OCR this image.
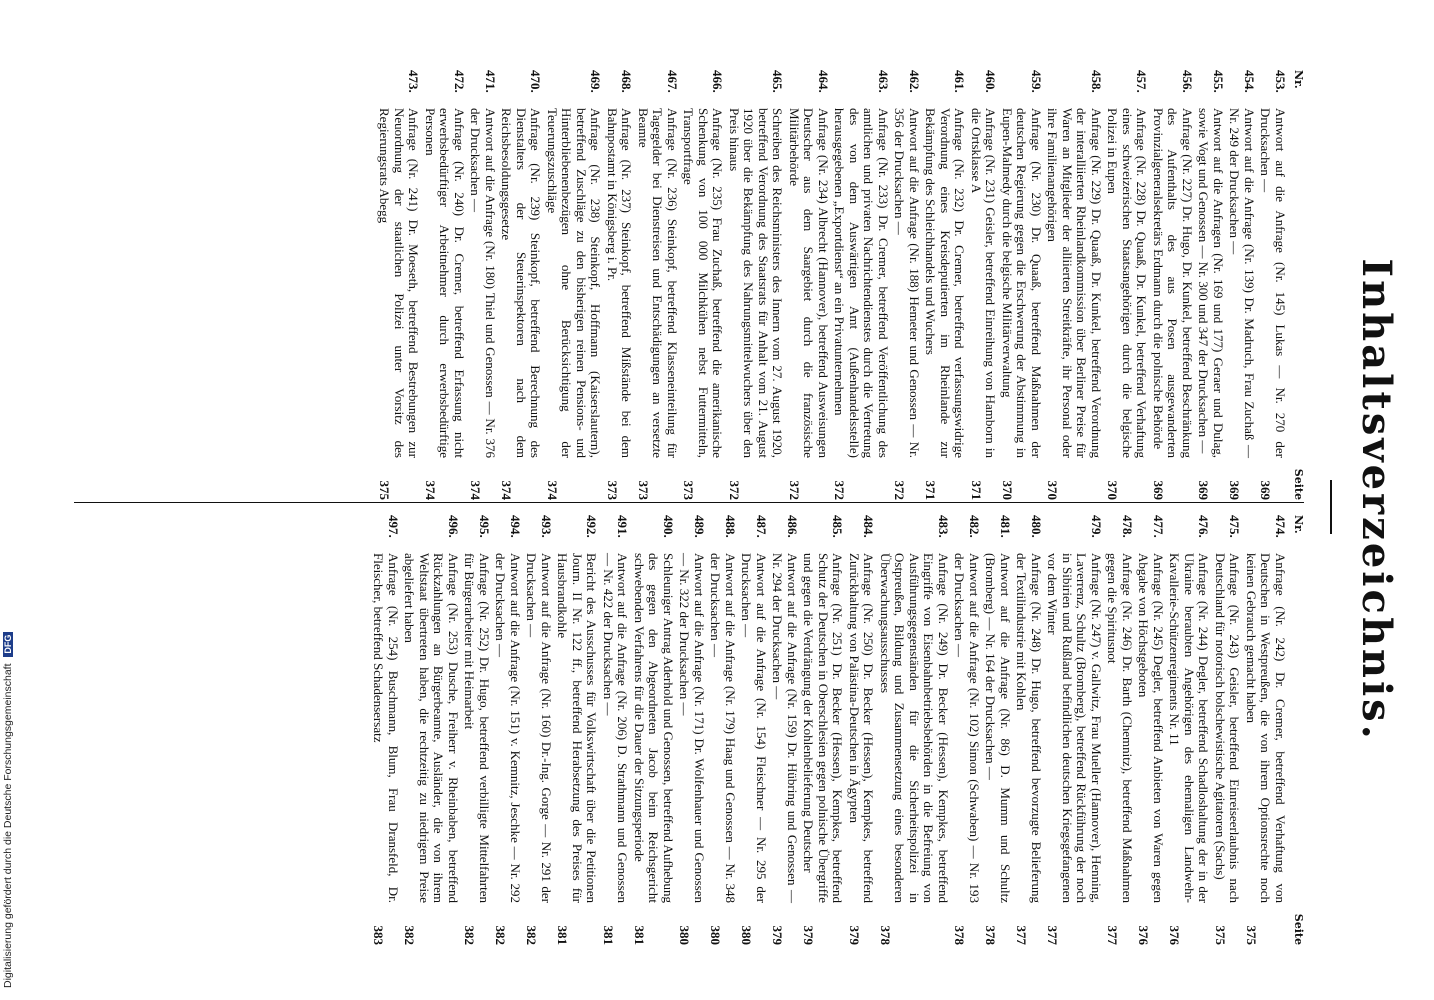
Inhaltsverzeichnis.
Nr.
Seite
453.
Antwort auf die Anfrage (Nr. 145) Lukas — Nr. 270 der Drucksachen —
369
454.
Antwort auf die Anfrage (Nr. 139) Dr. Madruch, Frau Zuchaß — Nr. 249 der Drucksachen —
369
455.
Antwort auf die Anfragen (Nr. 169 und 177) Geraer und Dulag, sowie Vogt und Genossen — Nr. 300 und 347 der Drucksachen —
369
456.
Anfrage (Nr. 227) Dr. Hugo, Dr. Kunkel, betreffend Beschränkung des Aufenthalts des aus Posen ausgewanderten Provinzialgeneralsekretärs Erdmann durch die polnische Behörde
369
457.
Anfrage (Nr. 228) Dr. Quaaß, Dr. Kunkel, betreffend Verhaftung eines schweizerischen Staatsangehörigen durch die belgische Polizei in Eupen
370
458.
Anfrage (Nr. 229) Dr. Quaaß, Dr. Kunkel, betreffend Verordnung der interalliierten Rheinlandkommission über Berliner Preise für Waren an Mitglieder der alliierten Streitkräfte, ihr Personal oder ihre Familienangehörigen
370
459.
Anfrage (Nr. 230) Dr. Quaaß, betreffend Maßnahmen der deutschen Regierung gegen die Erschwerung der Abstimmung in Eupen-Malmedy durch die belgische Militärverwaltung
370
460.
Anfrage (Nr. 231) Geisler, betreffend Einreihung von Hamborn in die Ortsklasse A
371
461.
Anfrage (Nr. 232) Dr. Cremer, betreffend verfassungswidrige Verordnung eines Kreisdeputierten im Rheinlande zur Bekämpfung des Schleichhandels und Wuchers
371
462.
Antwort auf die Anfrage (Nr. 188) Hemeter und Genossen — Nr. 356 der Drucksachen —
372
463.
Anfrage (Nr. 233) Dr. Cremer, betreffend Veröffentlichung des amtlichen und privaten Nachrichtendienstes durch die Vertretung des von dem Auswärtigen Amt (Außenhandelsstelle) herausgegebenen „Exportdienst“ an ein Privatunternehmen
372
464.
Anfrage (Nr. 234) Albrecht (Hannover), betreffend Ausweisungen Deutscher aus dem Saargebiet durch die französische Militärbehörde
372
465.
Schreiben des Reichsministers des Innern vom 27. August 1920, betreffend Verordnung des Staatsrats für Anhalt vom 21. August 1920 über die Bekämpfung des Nahrungsmittelwuchers über den Preis hinaus
372
466.
Anfrage (Nr. 235) Frau Zuchaß, betreffend die amerikanische Schenkung von 100 000 Milchkühen nebst Futtermitteln, Transportfrage
373
467.
Anfrage (Nr. 236) Steinkopf, betreffend Klasseneinteilung für Tagegelder bei Dienstreisen und Entschädigungen an versetzte Beamte
373
468.
Anfrage (Nr. 237) Steinkopf, betreffend Mißstände bei dem Bahnpostamt in Königsberg i. Pr.
373
469.
Anfrage (Nr. 238) Steinkopf, Hoffmann (Kaiserslautern), betreffend Zuschläge zu den bisherigen reinen Pensions- und Hinterbliebenenbezügen ohne Berücksichtigung der Teuerungszuschläge
374
470.
Anfrage (Nr. 239) Steinkopf, betreffend Berechnung des Dienstalters der Steuerinspektoren nach dem Reichsbesoldungsgesetze
374
471.
Antwort auf die Anfrage (Nr. 180) Thiel und Genossen — Nr. 376 der Drucksachen —
374
472.
Anfrage (Nr. 240) Dr. Cremer, betreffend Erfassung nicht erwerbsbedürftiger Arbeitnehmer durch erwerbsbedürftige Personen
374
473.
Anfrage (Nr. 241) Dr. Moeseth, betreffend Bestrebungen zur Neuordnung der staatlichen Polizei unter Vorsitz des Regierungsrats Abegg
375
Nr.
Seite
474.
Anfrage (Nr. 242) Dr. Cremer, betreffend Verhaftung von Deutschen in Westpreußen, die von ihrem Optionsrechte noch keinen Gebrauch gemacht haben
375
475.
Anfrage (Nr. 243) Geisler, betreffend Einreiseerlaubnis nach Deutschland für notorisch bolschewistische Agitatoren (Sachs)
375
476.
Anfrage (Nr. 244) Degler, betreffend Schadloshaltung der in der Ukraine beraubten Angehörigen des ehemaligen Landwehr-Kavallerie-Schützenregiments Nr. 11
376
477.
Anfrage (Nr. 245) Degler, betreffend Anbieten von Waren gegen Abgabe von Höchstgeboten
376
478.
Anfrage (Nr. 246) Dr. Barth (Chemnitz), betreffend Maßnahmen gegen die Spiritusnot
377
479.
Anfrage (Nr. 247) v. Gallwitz, Frau Mueller (Hannover), Henning, Laverrenz, Schultz (Bromberg), betreffend Rückführung der noch in Sibirien und Rußland befindlichen deutschen Kriegsgefangenen vor dem Winter
377
480.
Anfrage (Nr. 248) Dr. Hugo, betreffend bevorzugte Belieferung der Textilindustrie mit Kohlen
377
481.
Antwort auf die Anfrage (Nr. 86) D. Mumm und Schultz (Bromberg) — Nr. 164 der Drucksachen —
378
482.
Antwort auf die Anfrage (Nr. 102) Simon (Schwaben) — Nr. 193 der Drucksachen —
378
483.
Anfrage (Nr. 249) Dr. Becker (Hessen), Kempkes, betreffend Eingriffe von Eisenbahnbetriebsbehörden in die Befreiung von Ausführungsgegenständen für die Sicherheitspolizei in Ostpreußen, Bildung und Zusammensetzung eines besonderen Überwachungsausschusses
378
484.
Anfrage (Nr. 250) Dr. Becker (Hessen), Kempkes, betreffend Zurückhaltung von Palästina-Deutschen in Ägypten
379
485.
Anfrage (Nr. 251) Dr. Becker (Hessen), Kempkes, betreffend Schutz der Deutschen in Oberschlesien gegen polnische Übergriffe und gegen die Verdrängung der Kohlenbelieferung Deutscher
379
486.
Antwort auf die Anfrage (Nr. 159) Dr. Hübring und Genossen — Nr. 294 der Drucksachen —
379
487.
Antwort auf die Anfrage (Nr. 154) Fleischner — Nr. 295 der Drucksachen —
380
488.
Antwort auf die Anfrage (Nr. 179) Haag und Genossen — Nr. 348 der Drucksachen —
380
489.
Antwort auf die Anfrage (Nr. 171) Dr. Wolfenhauer und Genossen — Nr. 322 der Drucksachen —
380
490.
Schleuniger Antrag Aderhold und Genossen, betreffend Aufhebung des gegen den Abgeordneten Jacob beim Reichsgericht schwebenden Verfahrens für die Dauer der Sitzungsperiode
381
491.
Antwort auf die Anfrage (Nr. 206) D. Strathmann und Genossen — Nr. 422 der Drucksachen —
381
492.
Bericht des Ausschusses für Volkswirtschaft über die Petitionen Journ. II Nr. 122 ff., betreffend Herabsetzung des Preises für Hausbrandkohle
381
493.
Antwort auf die Anfrage (Nr. 160) Dr.-Ing. Gorge — Nr. 291 der Drucksachen —
382
494.
Antwort auf die Anfrage (Nr. 151) v. Kemnitz, Jeschke — Nr. 292 der Drucksachen —
382
495.
Anfrage (Nr. 252) Dr. Hugo, betreffend verbilligte Mittelfahrten für Bürgerarbeiter mit Heimarbeit
382
496.
Anfrage (Nr. 253) Dusche, Freiherr v. Rheinbaben, betreffend Rückzahlungen an Bürgerbeamte, Ausländer, die von ihrem Weltstaat übertreten haben, die rechtzeitig zu niedrigem Preise abgeliefert haben
382
497.
Anfrage (Nr. 254) Buschmann, Blum, Frau Dransfeld, Dr. Fleischer, betreffend Schadensersatz
383
Digitalisierung gefördert durch die Deutsche Forschungsgemeinschaft DFG
